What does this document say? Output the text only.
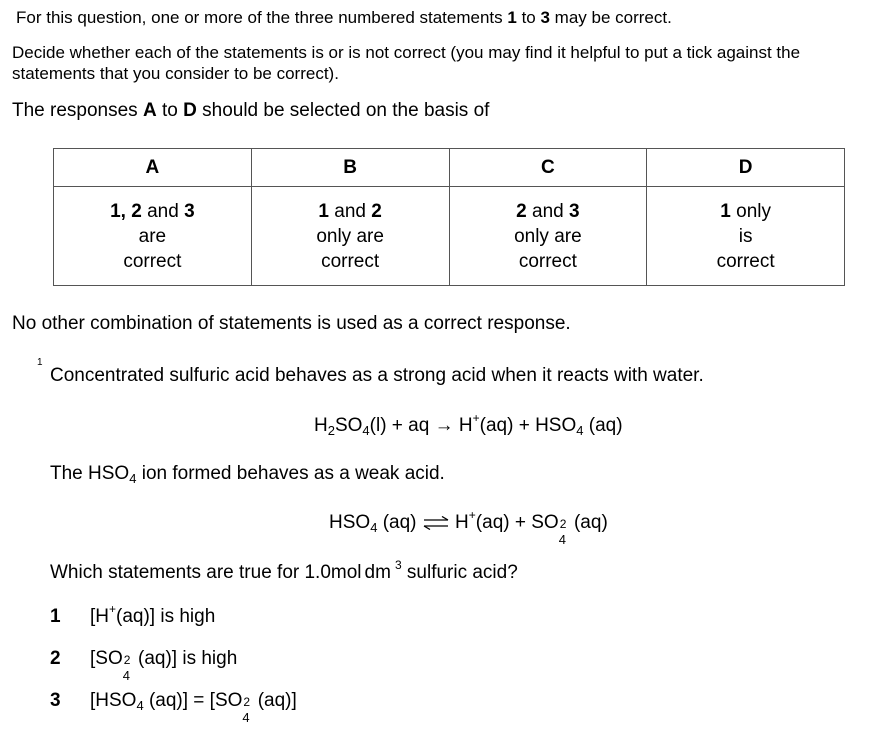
For this question, one or more of the three numbered statements 1 to 3 may be correct.
Decide whether each of the statements is or is not correct (you may find it helpful to put a tick against the statements that you consider to be correct).
The responses A to D should be selected on the basis of
A	B	C	D

1, 2 and 3
are
correct	1 and 2
only are
correct	2 and 3
only are
correct	1 only
is
correct
No other combination of statements is used as a correct response.
1
Concentrated sulfuric acid behaves as a strong acid when it reacts with water.
$H_2SO_4(l)$ + aq → $H^+(aq) + HSO_4$ (aq)
The $HSO_4$ ion formed behaves as a weak acid.
$HSO_4$ (aq) ⇌ H+(aq) + SO 2
4
(aq)
Which statements are true for 1.0mol dm $^3$ sulfuric acid?
1 [H+(aq)] is high
2 [SO 2
4
(aq)] is high
3 [$HSO_4$ (aq)] = [SO 2
4
(aq)]
